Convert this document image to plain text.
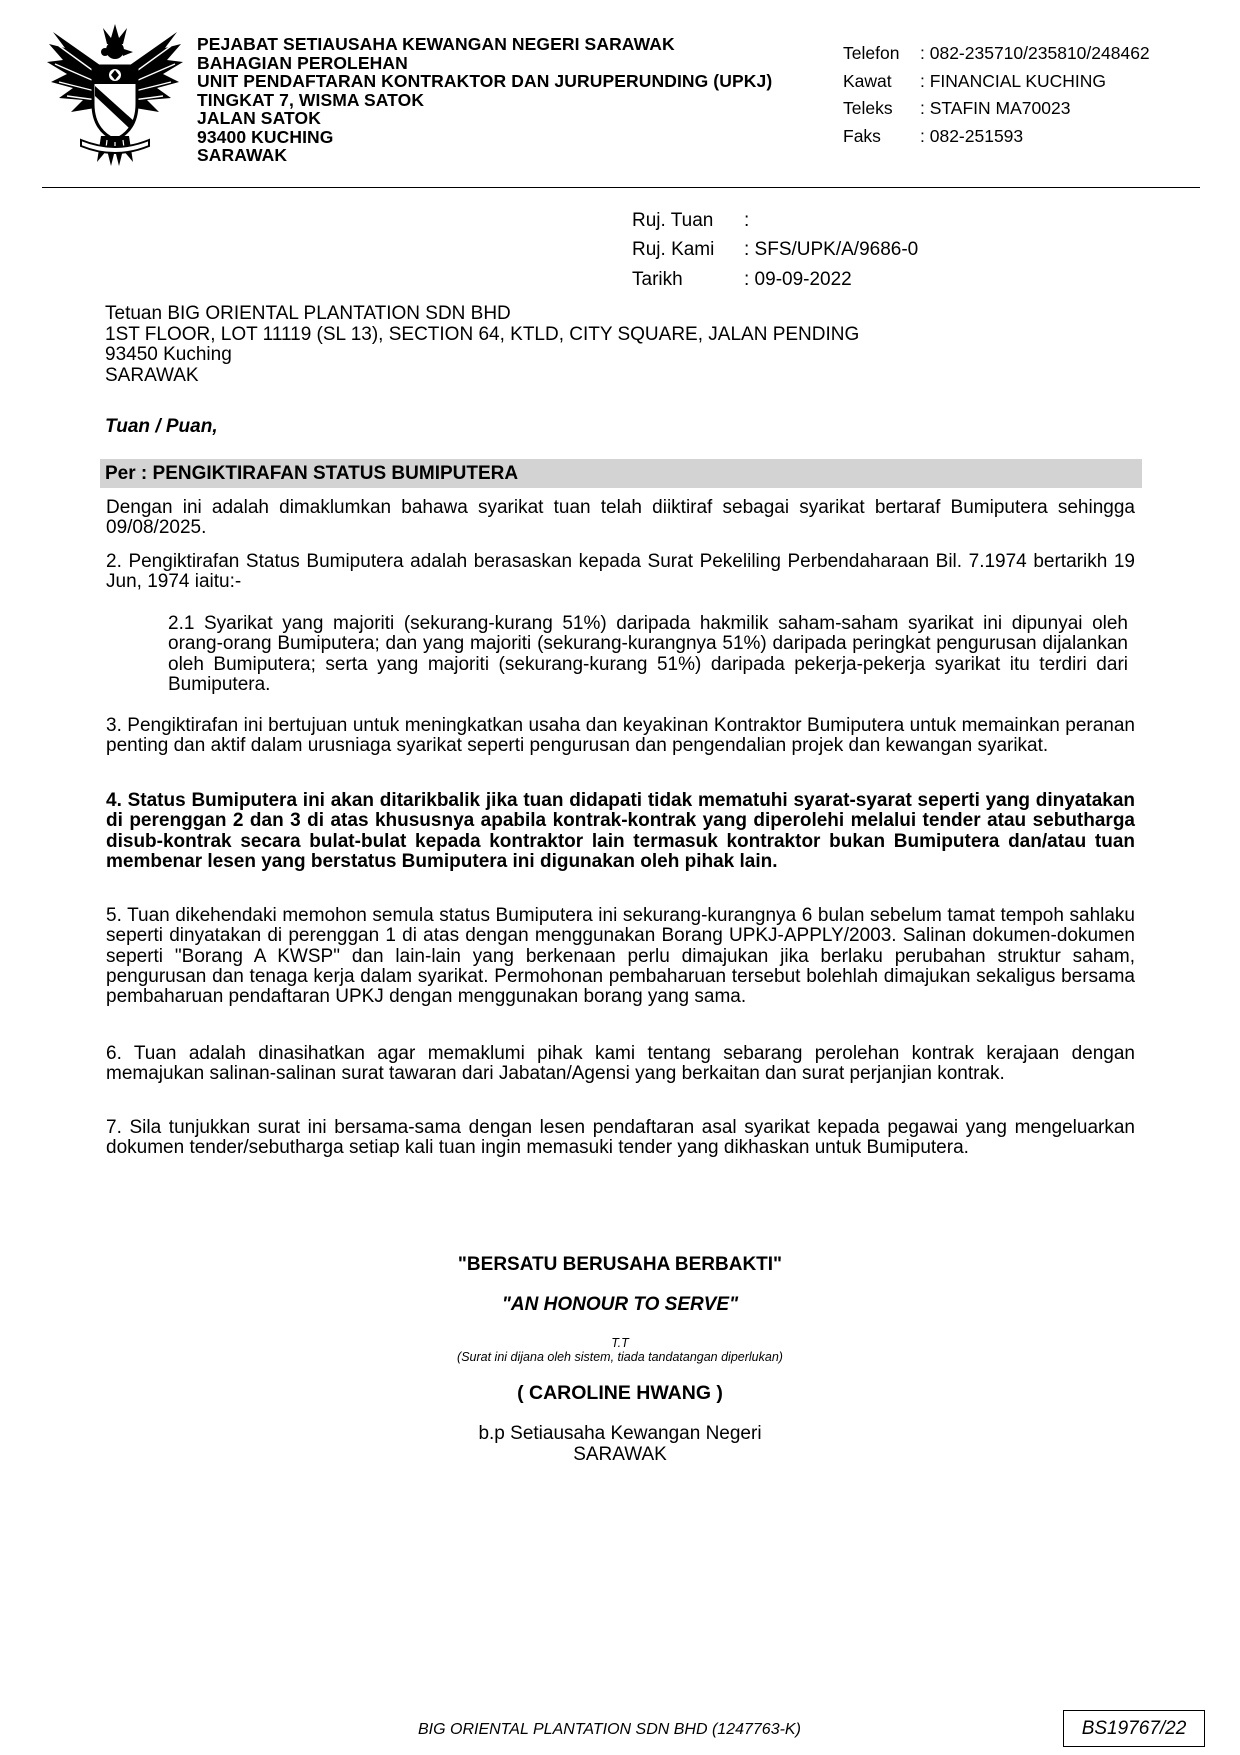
PEJABAT SETIAUSAHA KEWANGAN NEGERI SARAWAK
BAHAGIAN PEROLEHAN
UNIT PENDAFTARAN KONTRAKTOR DAN JURUPERUNDING (UPKJ)
TINGKAT 7, WISMA SATOK
JALAN SATOK
93400 KUCHING
SARAWAK
Telefon	: 082-235710/235810/248462
Kawat	: FINANCIAL KUCHING
Teleks	: STAFIN MA70023
Faks	: 082-251593
Ruj. Tuan	:
Ruj. Kami	: SFS/UPK/A/9686-0
Tarikh	: 09-09-2022
Tetuan BIG ORIENTAL PLANTATION SDN BHD
1ST FLOOR, LOT 11119 (SL 13), SECTION 64, KTLD, CITY SQUARE, JALAN PENDING
93450 Kuching
SARAWAK
Tuan / Puan,
Per : PENGIKTIRAFAN STATUS BUMIPUTERA
Dengan ini adalah dimaklumkan bahawa syarikat tuan telah diiktiraf sebagai syarikat bertaraf Bumiputera sehingga 09/08/2025.
2. Pengiktirafan Status Bumiputera adalah berasaskan kepada Surat Pekeliling Perbendaharaan Bil. 7.1974 bertarikh 19 Jun, 1974 iaitu:-
2.1 Syarikat yang majoriti (sekurang-kurang 51%) daripada hakmilik saham-saham syarikat ini dipunyai oleh orang-orang Bumiputera; dan yang majoriti (sekurang-kurangnya 51%) daripada peringkat pengurusan dijalankan oleh Bumiputera; serta yang majoriti (sekurang-kurang 51%) daripada pekerja-pekerja syarikat itu terdiri dari Bumiputera.
3. Pengiktirafan ini bertujuan untuk meningkatkan usaha dan keyakinan Kontraktor Bumiputera untuk memainkan peranan penting dan aktif dalam urusniaga syarikat seperti pengurusan dan pengendalian projek dan kewangan syarikat.
4. Status Bumiputera ini akan ditarikbalik jika tuan didapati tidak mematuhi syarat-syarat seperti yang dinyatakan di perenggan 2 dan 3 di atas khususnya apabila kontrak-kontrak yang diperolehi melalui tender atau sebutharga disub-kontrak secara bulat-bulat kepada kontraktor lain termasuk kontraktor bukan Bumiputera dan/atau tuan membenar lesen yang berstatus Bumiputera ini digunakan oleh pihak lain.
5. Tuan dikehendaki memohon semula status Bumiputera ini sekurang-kurangnya 6 bulan sebelum tamat tempoh sahlaku seperti dinyatakan di perenggan 1 di atas dengan menggunakan Borang UPKJ-APPLY/2003. Salinan dokumen-dokumen seperti "Borang A KWSP" dan lain-lain yang berkenaan perlu dimajukan jika berlaku perubahan struktur saham, pengurusan dan tenaga kerja dalam syarikat. Permohonan pembaharuan tersebut bolehlah dimajukan sekaligus bersama pembaharuan pendaftaran UPKJ dengan menggunakan borang yang sama.
6. Tuan adalah dinasihatkan agar memaklumi pihak kami tentang sebarang perolehan kontrak kerajaan dengan memajukan salinan-salinan surat tawaran dari Jabatan/Agensi yang berkaitan dan surat perjanjian kontrak.
7. Sila tunjukkan surat ini bersama-sama dengan lesen pendaftaran asal syarikat kepada pegawai yang mengeluarkan dokumen tender/sebutharga setiap kali tuan ingin memasuki tender yang dikhaskan untuk Bumiputera.
"BERSATU BERUSAHA BERBAKTI"
"AN HONOUR TO SERVE"
T.T
(Surat ini dijana oleh sistem, tiada tandatangan diperlukan)
( CAROLINE HWANG )
b.p Setiausaha Kewangan Negeri
SARAWAK
BIG ORIENTAL PLANTATION SDN BHD (1247763-K)	BS19767/22
